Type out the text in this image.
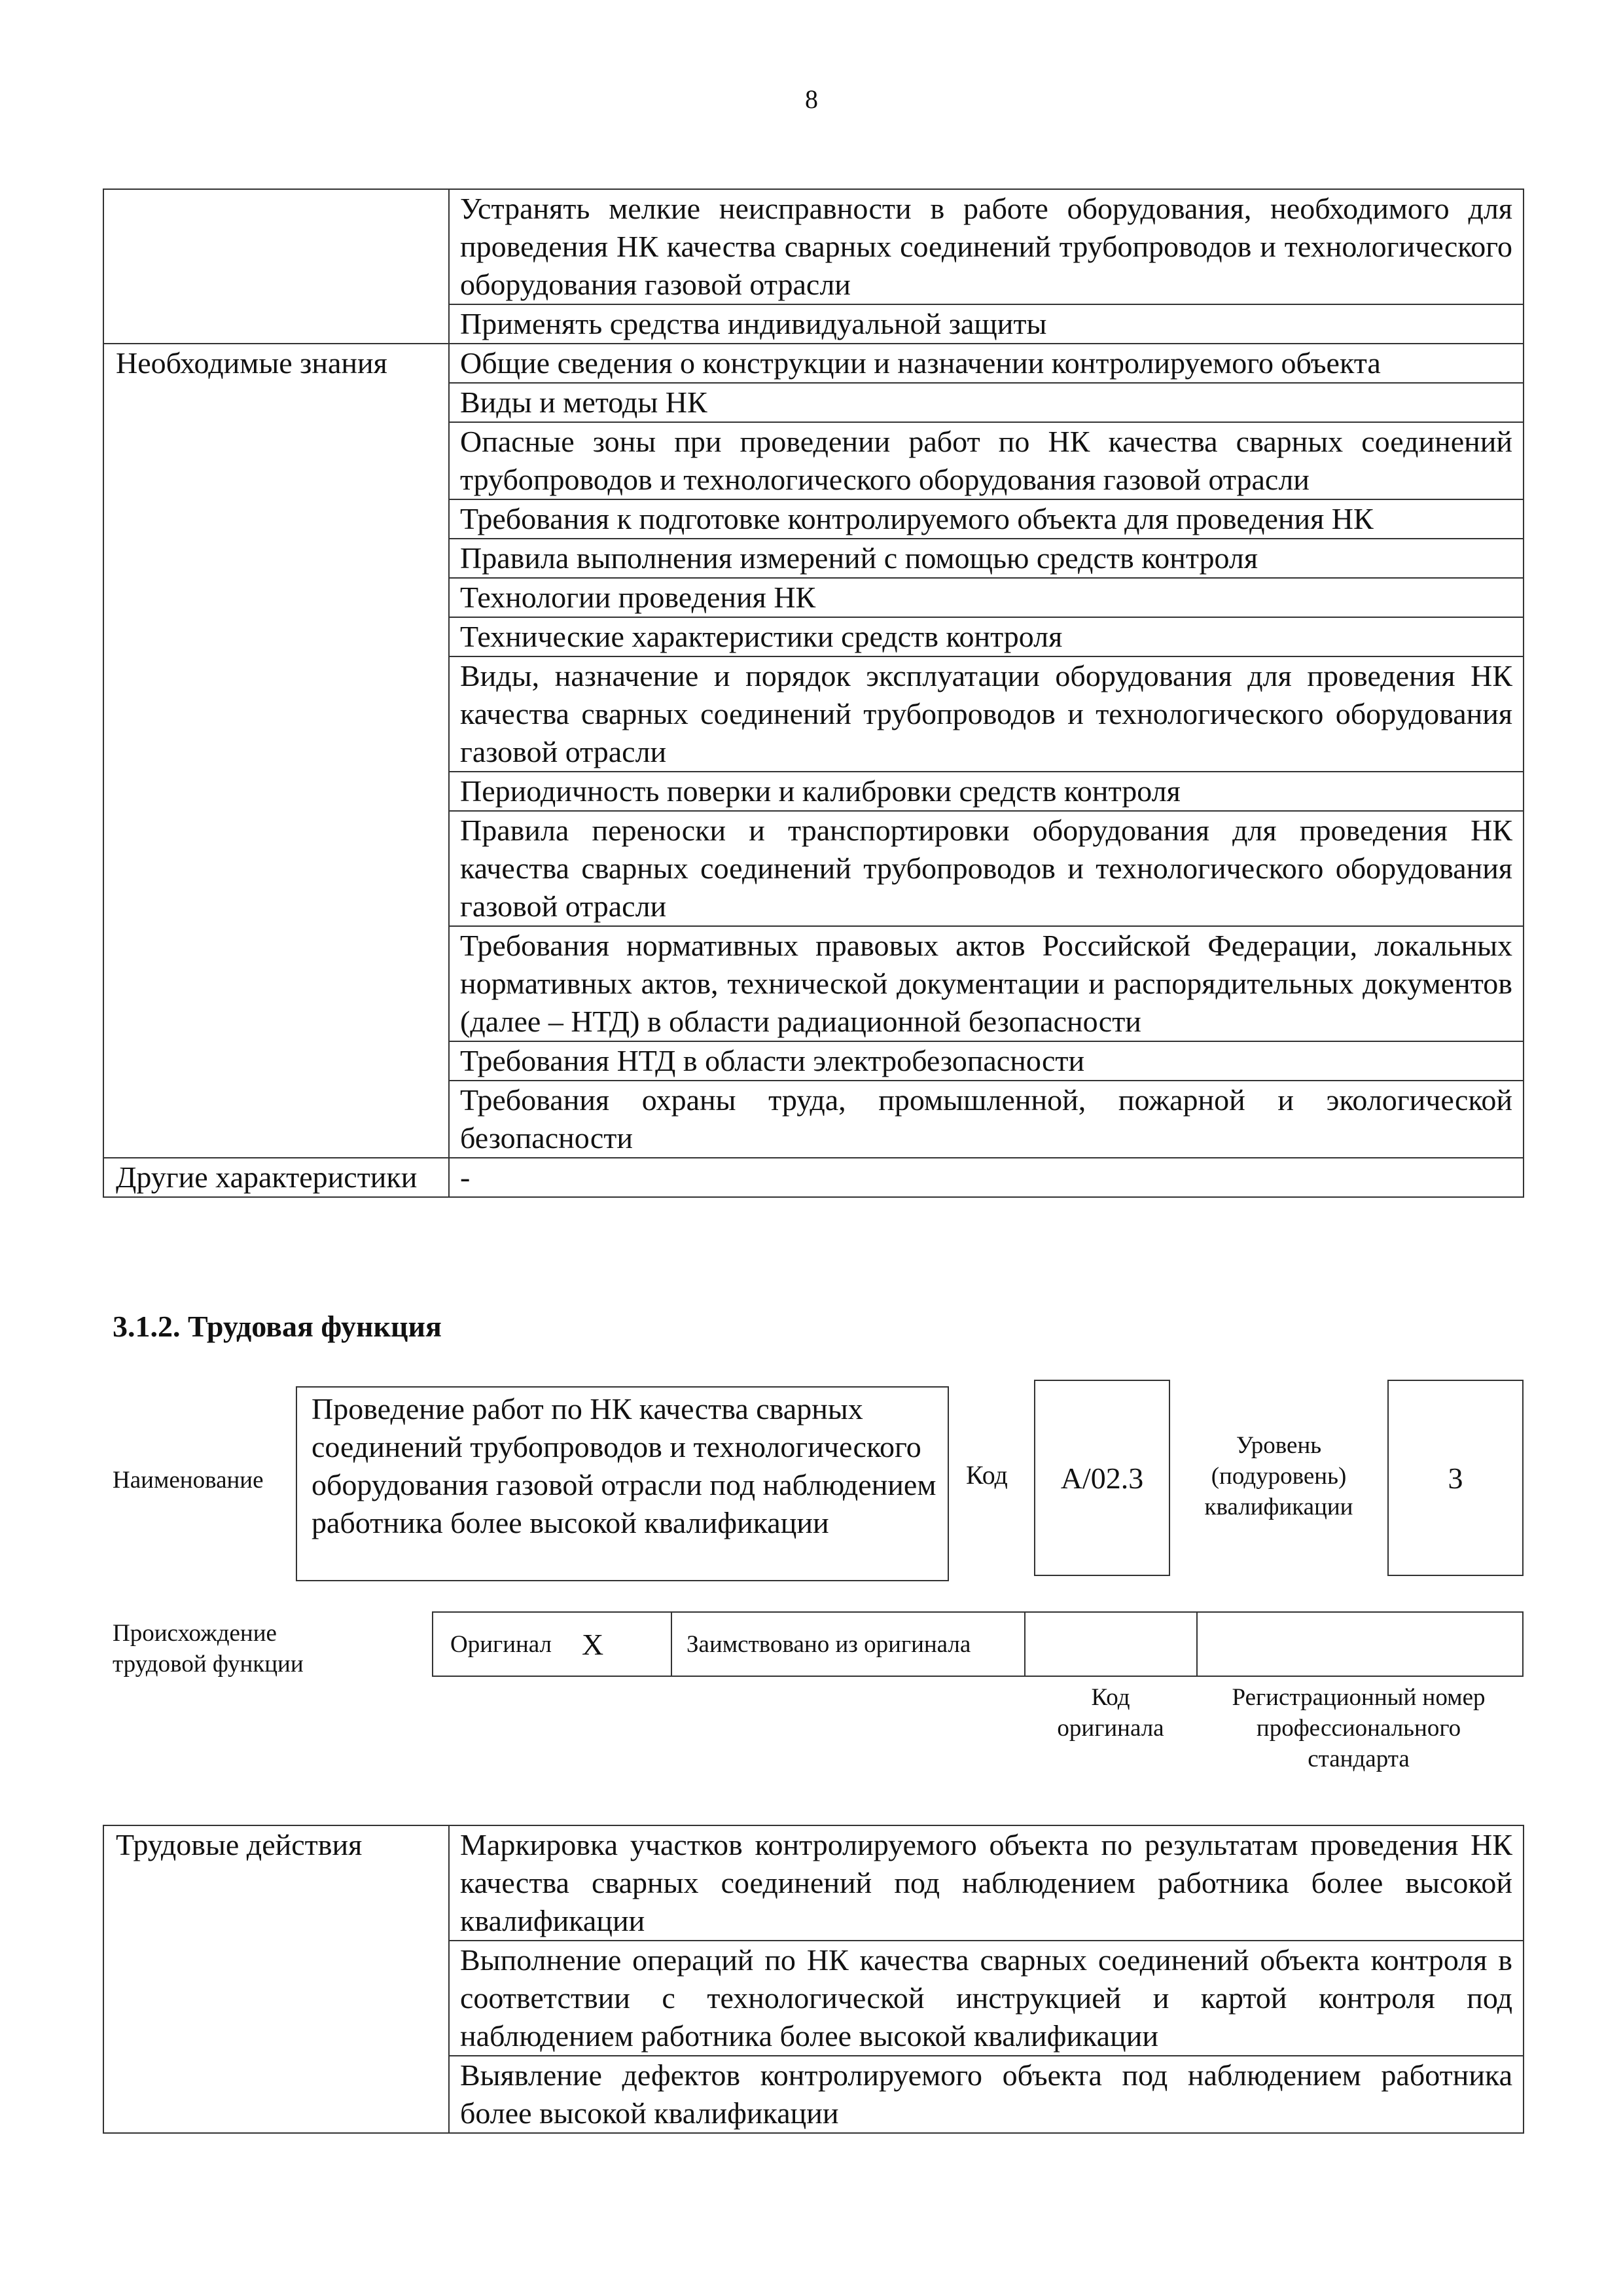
8
	Устранять мелкие неисправности в работе оборудования, необходимого для проведения НК качества сварных соединений трубопроводов и технологического оборудования газовой отрасли
	Применять средства индивидуальной защиты
Необходимые знания	Общие сведения о конструкции и назначении контролируемого объекта
	Виды и методы НК
	Опасные зоны при проведении работ по НК качества сварных соединений трубопроводов и технологического оборудования газовой отрасли
	Требования к подготовке контролируемого объекта для проведения НК
	Правила выполнения измерений с помощью средств контроля
	Технологии проведения НК
	Технические характеристики средств контроля
	Виды, назначение и порядок эксплуатации оборудования для проведения НК качества сварных соединений трубопроводов и технологического оборудования газовой отрасли
	Периодичность поверки и калибровки средств контроля
	Правила переноски и транспортировки оборудования для проведения НК качества сварных соединений трубопроводов и технологического оборудования газовой отрасли
	Требования нормативных правовых актов Российской Федерации, локальных нормативных актов, технической документации и распорядительных документов (далее – НТД) в области радиационной безопасности
	Требования НТД в области электробезопасности
	Требования охраны труда, промышленной, пожарной и экологической безопасности
Другие характеристики	-
3.1.2. Трудовая функция
Наименование
Проведение работ по НК качества сварных соединений трубопроводов и технологического оборудования газовой отрасли под наблюдением работника более высокой квалификации
Код	А/02.3
Уровень (подуровень) квалификации
3
Происхождение трудовой функции
Оригинал X	Заимствовано из оригинала
Код оригинала
Регистрационный номер профессионального стандарта
Трудовые действия	Маркировка участков контролируемого объекта по результатам проведения НК качества сварных соединений под наблюдением работника более высокой квалификации
Выполнение операций по НК качества сварных соединений объекта контроля в соответствии с технологической инструкцией и картой контроля под наблюдением работника более высокой квалификации
Выявление дефектов контролируемого объекта под наблюдением работника более высокой квалификации
